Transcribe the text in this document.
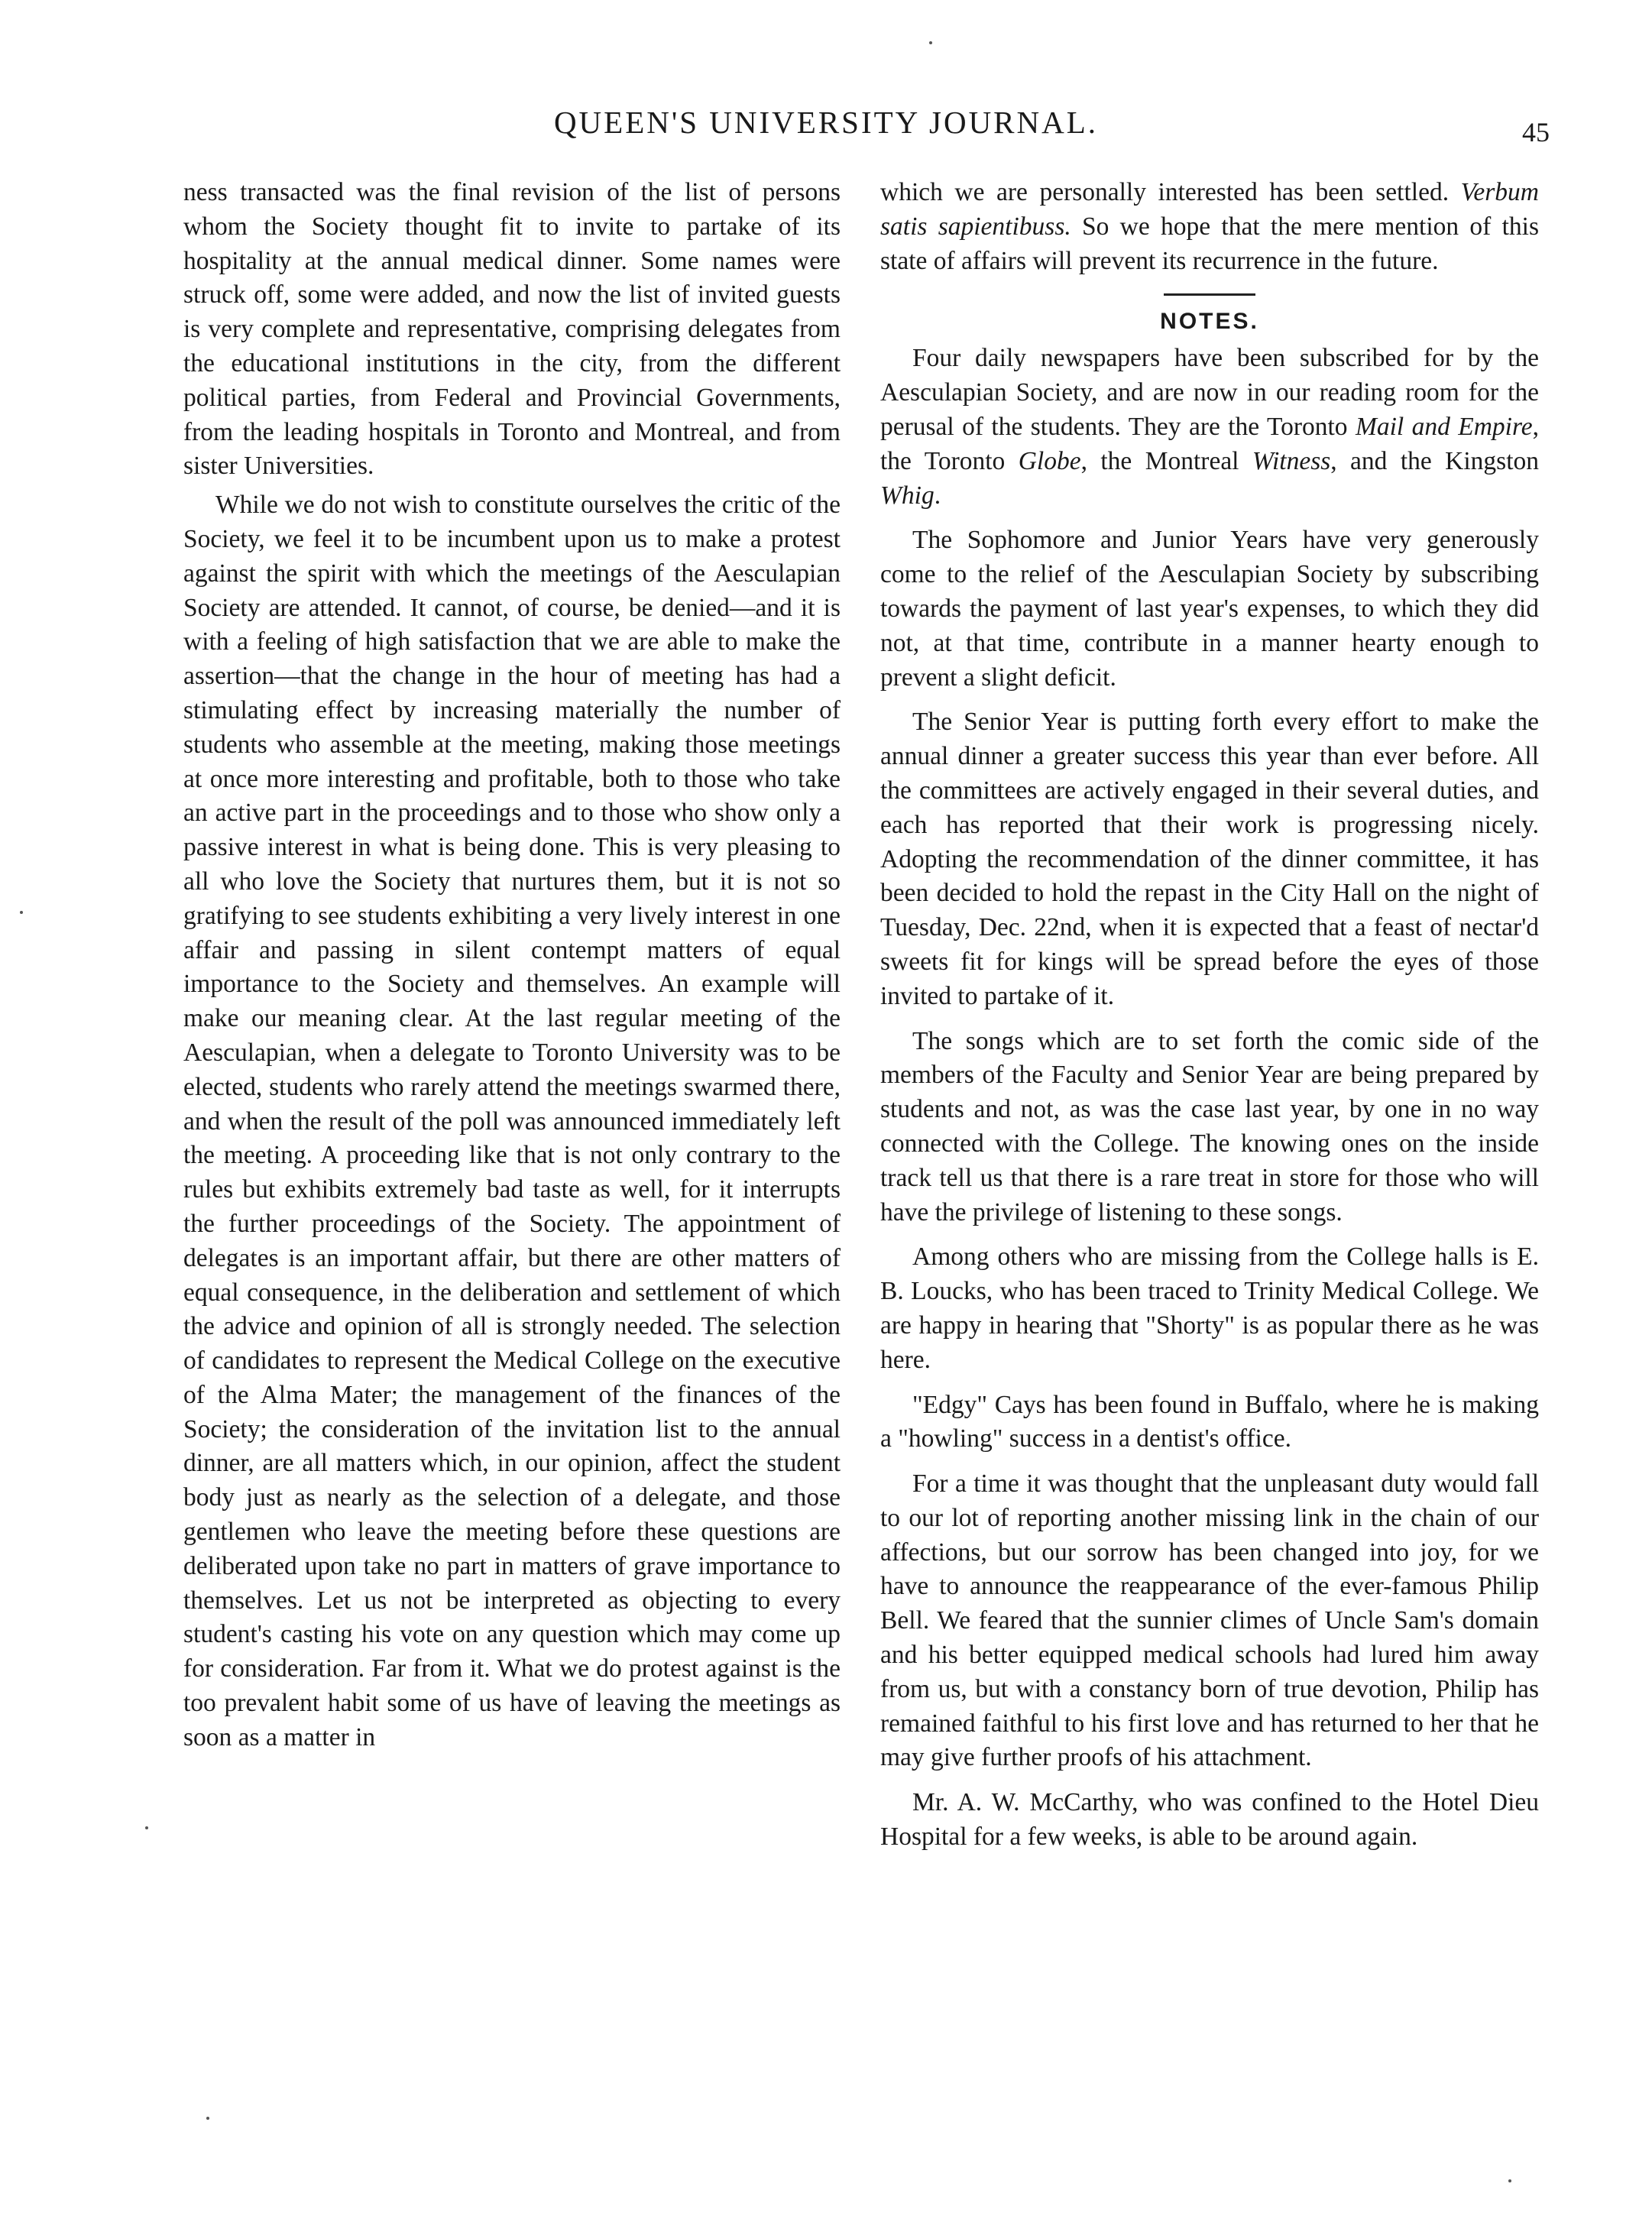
QUEEN'S UNIVERSITY JOURNAL.	45

ness transacted was the final revision of the list of persons whom the Society thought fit to invite to partake of its hospitality at the annual medical dinner. Some names were struck off, some were added, and now the list of invited guests is very complete and representative, comprising delegates from the educational institutions in the city, from the different political parties, from Federal and Provincial Governments, from the leading hospitals in Toronto and Montreal, and from sister Universities.

While we do not wish to constitute ourselves the critic of the Society, we feel it to be incumbent upon us to make a protest against the spirit with which the meetings of the Aesculapian Society are attended. It cannot, of course, be denied—and it is with a feeling of high satisfaction that we are able to make the assertion—that the change in the hour of meeting has had a stimulating effect by increasing materially the number of students who assemble at the meeting, making those meetings at once more interesting and profitable, both to those who take an active part in the proceedings and to those who show only a passive interest in what is being done. This is very pleasing to all who love the Society that nurtures them, but it is not so gratifying to see students exhibiting a very lively interest in one affair and passing in silent contempt matters of equal importance to the Society and themselves. An example will make our meaning clear. At the last regular meeting of the Aesculapian, when a delegate to Toronto University was to be elected, students who rarely attend the meetings swarmed there, and when the result of the poll was announced immediately left the meeting. A proceeding like that is not only contrary to the rules but exhibits extremely bad taste as well, for it interrupts the further proceedings of the Society. The appointment of delegates is an important affair, but there are other matters of equal consequence, in the deliberation and settlement of which the advice and opinion of all is strongly needed. The selection of candidates to represent the Medical College on the executive of the Alma Mater; the management of the finances of the Society; the consideration of the invitation list to the annual dinner, are all matters which, in our opinion, affect the student body just as nearly as the selection of a delegate, and those gentlemen who leave the meeting before these questions are deliberated upon take no part in matters of grave importance to themselves. Let us not be interpreted as objecting to every student's casting his vote on any question which may come up for consideration. Far from it. What we do protest against is the too prevalent habit some of us have of leaving the meetings as soon as a matter in

which we are personally interested has been settled. Verbum satis sapientibuss. So we hope that the mere mention of this state of affairs will prevent its recurrence in the future.

NOTES.

Four daily newspapers have been subscribed for by the Aesculapian Society, and are now in our reading room for the perusal of the students. They are the Toronto Mail and Empire, the Toronto Globe, the Montreal Witness, and the Kingston Whig.

The Sophomore and Junior Years have very generously come to the relief of the Aesculapian Society by subscribing towards the payment of last year's expenses, to which they did not, at that time, contribute in a manner hearty enough to prevent a slight deficit.

The Senior Year is putting forth every effort to make the annual dinner a greater success this year than ever before. All the committees are actively engaged in their several duties, and each has reported that their work is progressing nicely. Adopting the recommendation of the dinner committee, it has been decided to hold the repast in the City Hall on the night of Tuesday, Dec. 22nd, when it is expected that a feast of nectar'd sweets fit for kings will be spread before the eyes of those invited to partake of it.

The songs which are to set forth the comic side of the members of the Faculty and Senior Year are being prepared by students and not, as was the case last year, by one in no way connected with the College. The knowing ones on the inside track tell us that there is a rare treat in store for those who will have the privilege of listening to these songs.

Among others who are missing from the College halls is E. B. Loucks, who has been traced to Trinity Medical College. We are happy in hearing that "Shorty" is as popular there as he was here.

"Edgy" Cays has been found in Buffalo, where he is making a "howling" success in a dentist's office.

For a time it was thought that the unpleasant duty would fall to our lot of reporting another missing link in the chain of our affections, but our sorrow has been changed into joy, for we have to announce the reappearance of the ever-famous Philip Bell. We feared that the sunnier climes of Uncle Sam's domain and his better equipped medical schools had lured him away from us, but with a constancy born of true devotion, Philip has remained faithful to his first love and has returned to her that he may give further proofs of his attachment.

Mr. A. W. McCarthy, who was confined to the Hotel Dieu Hospital for a few weeks, is able to be around again.
